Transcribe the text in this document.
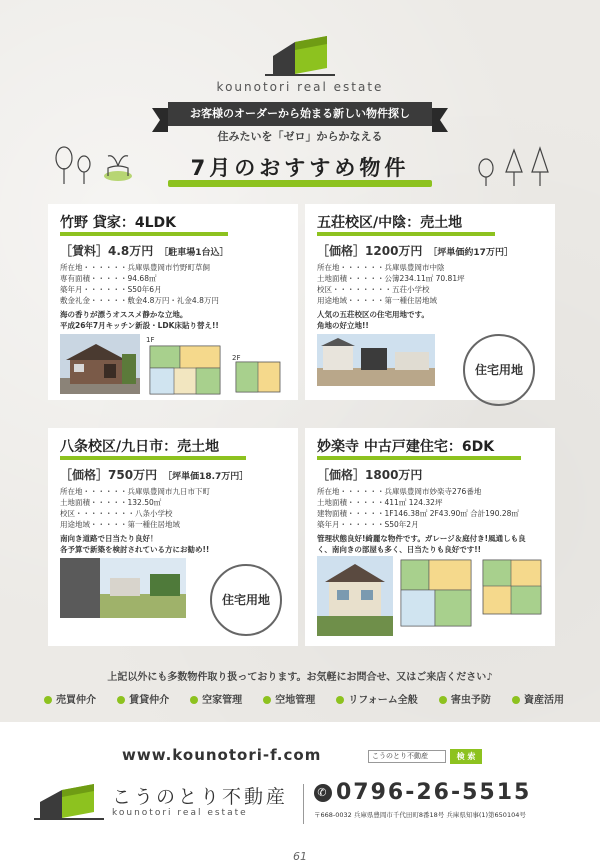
kounotori real estate
お客様のオーダーから始まる新しい物件探し
住みたいを「ゼロ」からかなえる
7月のおすすめ物件
竹野 貸家：4LDK
［賃料］4.8万円 ［駐車場1台込］
所在地・・・・・・兵庫県豊岡市竹野町草飼
専有面積・・・・・94.68㎡
築年月・・・・・・S50年6月
敷金礼金・・・・・敷金4.8万円・礼金4.8万円
海の香りが漂うオススメ静かな立地。
平成26年7月キッチン新設・LDK床貼り替え!!
1F
2F
五荘校区/中陰：売土地
［価格］1200万円 ［坪単価約17万円］
所在地・・・・・・兵庫県豊岡市中陰
土地面積・・・・・公簿234.11㎡ 70.81坪
校区・・・・・・・・五荘小学校
用途地域・・・・・第一種住居地域
人気の五荘校区の住宅用地です。
角地の好立地!!
住宅用地
八条校区/九日市：売土地
［価格］750万円 ［坪単価18.7万円］
所在地・・・・・・兵庫県豊岡市九日市下町
土地面積・・・・・132.50㎡
校区・・・・・・・・八条小学校
用途地域・・・・・第一種住居地域
南向き道路で日当たり良好！
各予算で新築を検討されている方にお勧め!!
住宅用地
妙楽寺 中古戸建住宅：6DK
［価格］1800万円
所在地・・・・・・兵庫県豊岡市妙楽寺276番地
土地面積・・・・・411㎡ 124.32坪
建物面積・・・・・1F146.38㎡ 2F43.90㎡ 合計190.28㎡
築年月・・・・・・S50年2月
管理状態良好!綺麗な物件です。ガレージ＆庭付き!風通しも良
く、南向きの部屋も多く、日当たりも良好です!!
上記以外にも多数物件取り扱っております。お気軽にお問合せ、又はご来店ください♪
売買仲介	賃貸仲介	空家管理	空地管理	リフォーム全般	害虫予防	資産活用
www.kounotori-f.com	こうのとり不動産	検 索
こうのとり不動産
kounotori real estate
✆ 0796-26-5515
〒668-0032 兵庫県豊岡市千代田町8番18号 兵庫県知事(1)第650104号
61
